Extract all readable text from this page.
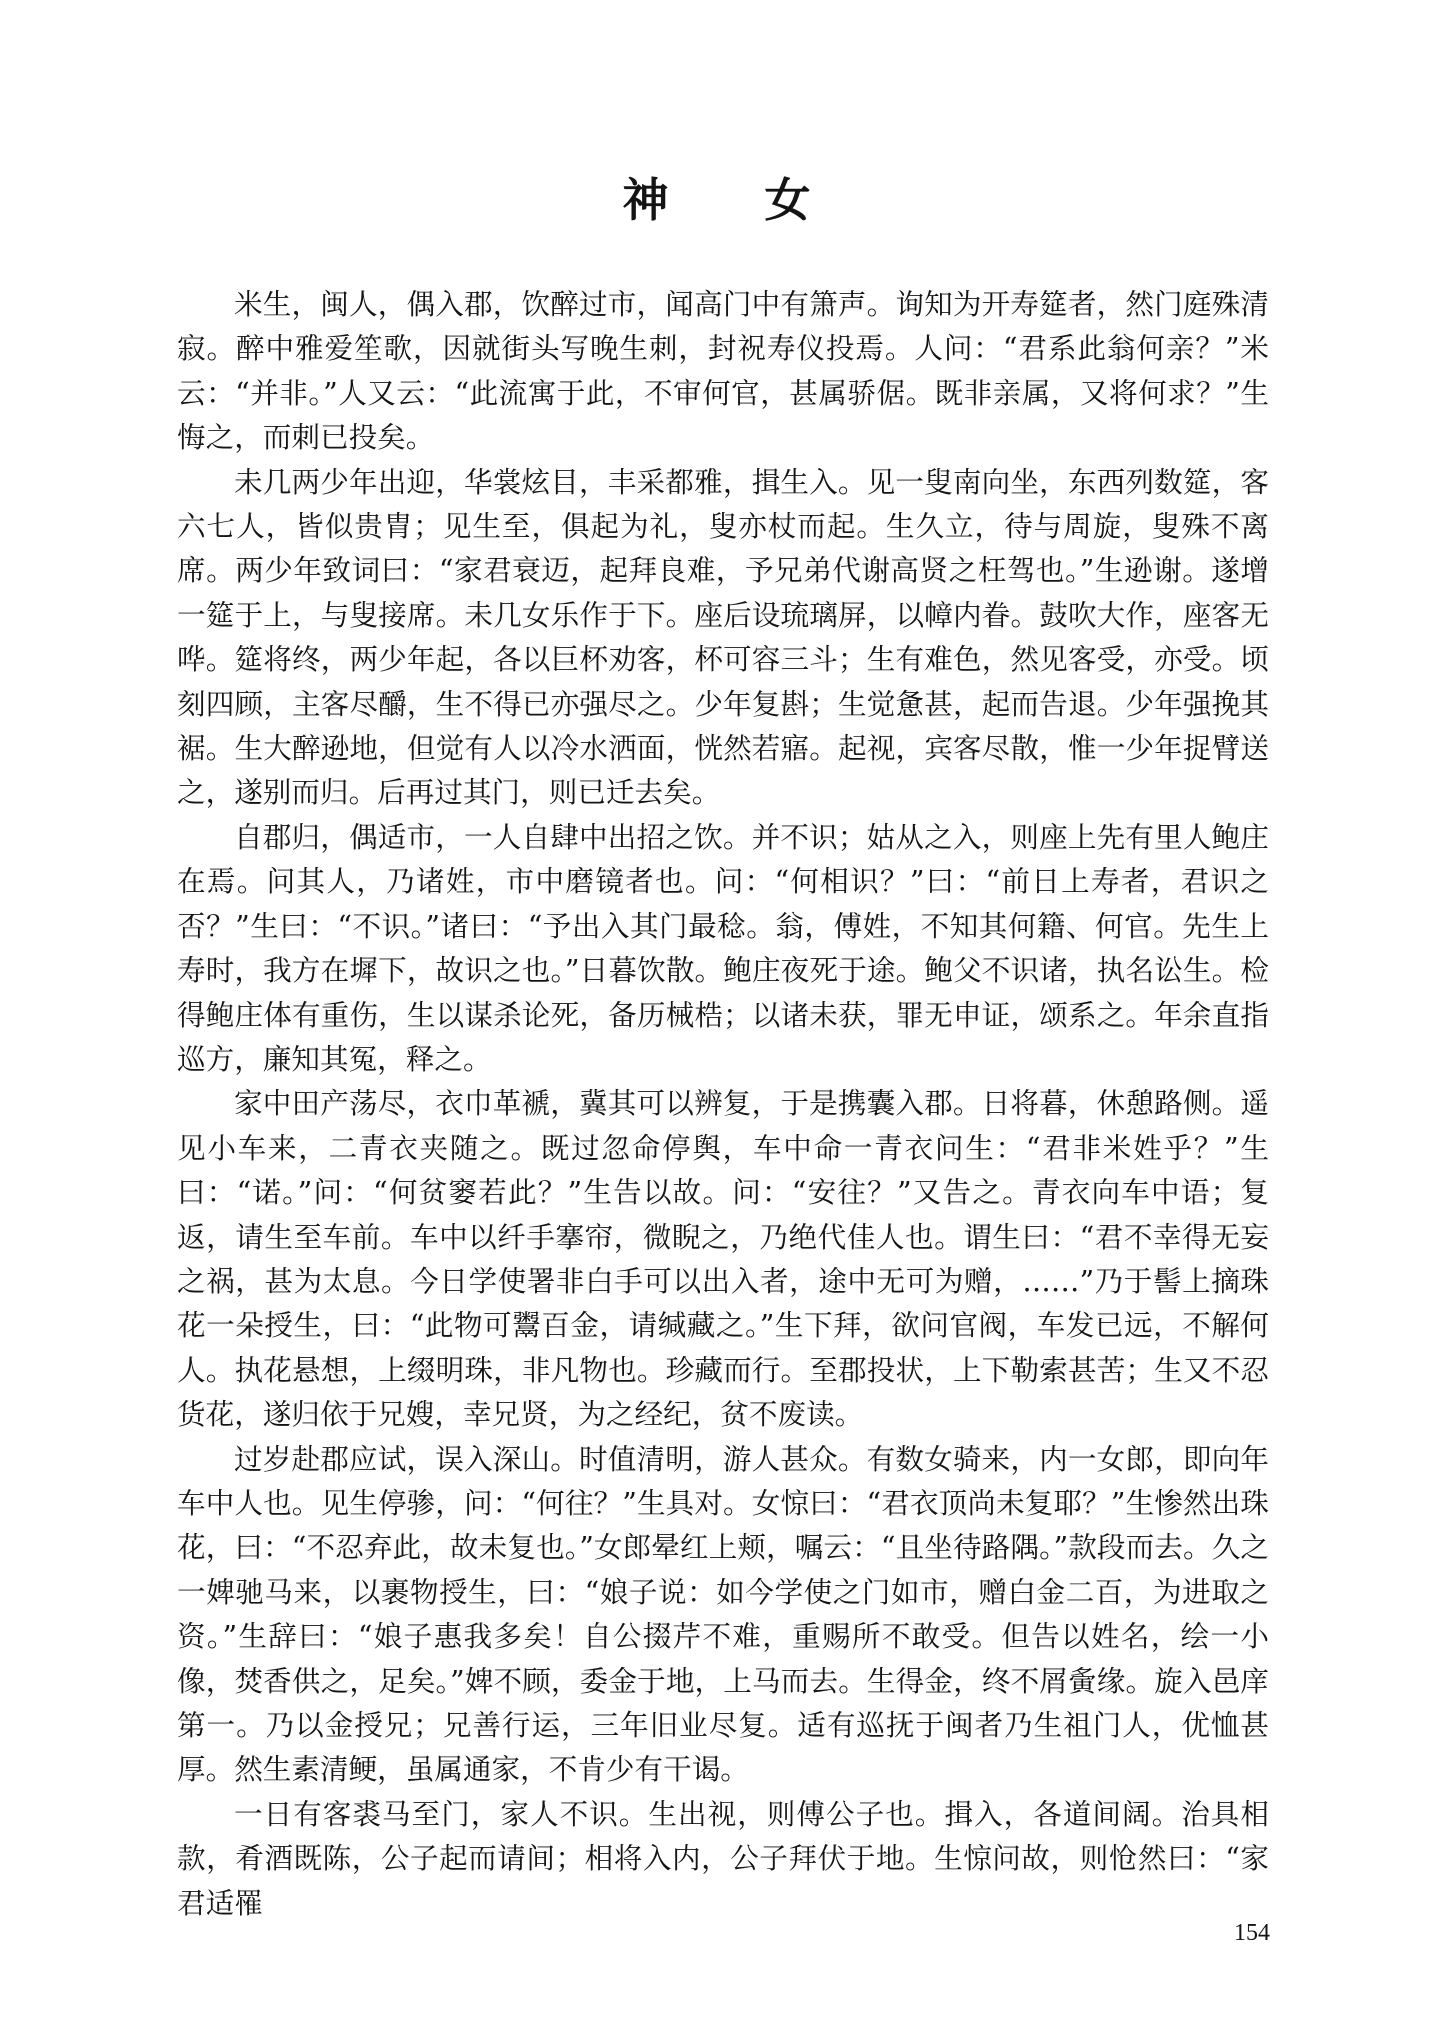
神 女

米生，闽人，偶入郡，饮醉过市，闻高门中有箫声。询知为开寿筵者，然门庭殊清寂。醉中雅爱笙歌，因就街头写晚生刺，封祝寿仪投焉。人问：“君系此翁何亲？”米云：“并非。”人又云：“此流寓于此，不审何官，甚属骄倨。既非亲属，又将何求？”生悔之，而刺已投矣。

未几两少年出迎，华裳炫目，丰采都雅，揖生入。见一叟南向坐，东西列数筵，客六七人，皆似贵胄；见生至，俱起为礼，叟亦杖而起。生久立，待与周旋，叟殊不离席。两少年致词曰：“家君衰迈，起拜良难，予兄弟代谢高贤之枉驾也。”生逊谢。遂增一筵于上，与叟接席。未几女乐作于下。座后设琉璃屏，以幛内眷。鼓吹大作，座客无哗。筵将终，两少年起，各以巨杯劝客，杯可容三斗；生有难色，然见客受，亦受。顷刻四顾，主客尽釂，生不得已亦强尽之。少年复斟；生觉惫甚，起而告退。少年强挽其裾。生大醉逊地，但觉有人以冷水洒面，恍然若寤。起视，宾客尽散，惟一少年捉臂送之，遂别而归。后再过其门，则已迁去矣。

自郡归，偶适市，一人自肆中出招之饮。并不识；姑从之入，则座上先有里人鲍庄在焉。问其人，乃诸姓，市中磨镜者也。问：“何相识？”曰：“前日上寿者，君识之否？”生曰：“不识。”诸曰：“予出入其门最稔。翁，傅姓，不知其何籍、何官。先生上寿时，我方在墀下，故识之也。”日暮饮散。鲍庄夜死于途。鲍父不识诸，执名讼生。检得鲍庄体有重伤，生以谋杀论死，备历械梏；以诸未获，罪无申证，颂系之。年余直指巡方，廉知其冤，释之。

家中田产荡尽，衣巾革褫，冀其可以辨复，于是携囊入郡。日将暮，休憩路侧。遥见小车来，二青衣夹随之。既过忽命停舆，车中命一青衣问生：“君非米姓乎？”生曰：“诺。”问：“何贫窭若此？”生告以故。问：“安往？”又告之。青衣向车中语；复返，请生至车前。车中以纤手搴帘，微睨之，乃绝代佳人也。谓生曰：“君不幸得无妄之祸，甚为太息。今日学使署非白手可以出入者，途中无可为赠，……”乃于髻上摘珠花一朵授生，曰：“此物可鬻百金，请缄藏之。”生下拜，欲问官阀，车发已远，不解何人。执花悬想，上缀明珠，非凡物也。珍藏而行。至郡投状，上下勒索甚苦；生又不忍货花，遂归依于兄嫂，幸兄贤，为之经纪，贫不废读。

过岁赴郡应试，误入深山。时值清明，游人甚众。有数女骑来，内一女郎，即向年车中人也。见生停骖，问：“何往？”生具对。女惊曰：“君衣顶尚未复耶？”生惨然出珠花，曰：“不忍弃此，故未复也。”女郎晕红上颊，嘱云：“且坐待路隅。”款段而去。久之一婢驰马来，以裹物授生，曰：“娘子说：如今学使之门如市，赠白金二百，为进取之资。”生辞曰：“娘子惠我多矣！自公掇芹不难，重赐所不敢受。但告以姓名，绘一小像，焚香供之，足矣。”婢不顾，委金于地，上马而去。生得金，终不屑夤缘。旋入邑庠第一。乃以金授兄；兄善行运，三年旧业尽复。适有巡抚于闽者乃生祖门人，优恤甚厚。然生素清鲠，虽属通家，不肯少有干谒。

一日有客裘马至门，家人不识。生出视，则傅公子也。揖入，各道间阔。治具相款，肴酒既陈，公子起而请间；相将入内，公子拜伏于地。生惊问故，则怆然曰：“家君适罹

154
